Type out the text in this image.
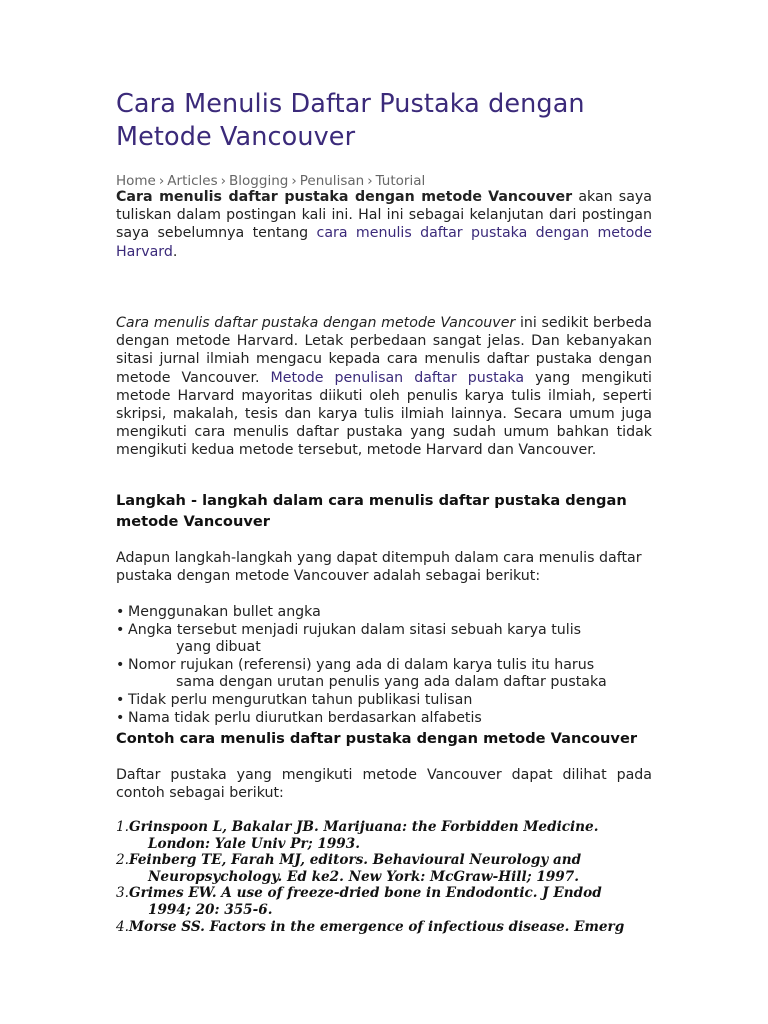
Cara Menulis Daftar Pustaka dengan Metode Vancouver
Home › Articles › Blogging › Penulisan › Tutorial

Cara menulis daftar pustaka dengan metode Vancouver akan saya tuliskan dalam postingan kali ini. Hal ini sebagai kelanjutan dari postingan saya sebelumnya tentang cara menulis daftar pustaka dengan metode Harvard.

Cara menulis daftar pustaka dengan metode Vancouver ini sedikit berbeda dengan metode Harvard. Letak perbedaan sangat jelas. Dan kebanyakan sitasi jurnal ilmiah mengacu kepada cara menulis daftar pustaka dengan metode Vancouver. Metode penulisan daftar pustaka yang mengikuti metode Harvard mayoritas diikuti oleh penulis karya tulis ilmiah, seperti skripsi, makalah, tesis dan karya tulis ilmiah lainnya. Secara umum juga mengikuti cara menulis daftar pustaka yang sudah umum bahkan tidak mengikuti kedua metode tersebut, metode Harvard dan Vancouver.

Langkah - langkah dalam cara menulis daftar pustaka dengan metode Vancouver

Adapun langkah-langkah yang dapat ditempuh dalam cara menulis daftar pustaka dengan metode Vancouver adalah sebagai berikut:

• Menggunakan bullet angka
• Angka tersebut menjadi rujukan dalam sitasi sebuah karya tulis
yang dibuat
• Nomor rujukan (referensi) yang ada di dalam karya tulis itu harus
sama dengan urutan penulis yang ada dalam daftar pustaka
• Tidak perlu mengurutkan tahun publikasi tulisan
• Nama tidak perlu diurutkan berdasarkan alfabetis
Contoh cara menulis daftar pustaka dengan metode Vancouver

Daftar pustaka yang mengikuti metode Vancouver dapat dilihat pada contoh sebagai berikut:

1.Grinspoon L, Bakalar JB. Marijuana: the Forbidden Medicine.
London: Yale Univ Pr; 1993.
2.Feinberg TE, Farah MJ, editors. Behavioural Neurology and
Neuropsychology. Ed ke2. New York: McGraw-Hill; 1997.
3.Grimes EW. A use of freeze-dried bone in Endodontic. J Endod
1994; 20: 355-6.
4.Morse SS. Factors in the emergence of infectious disease. Emerg
